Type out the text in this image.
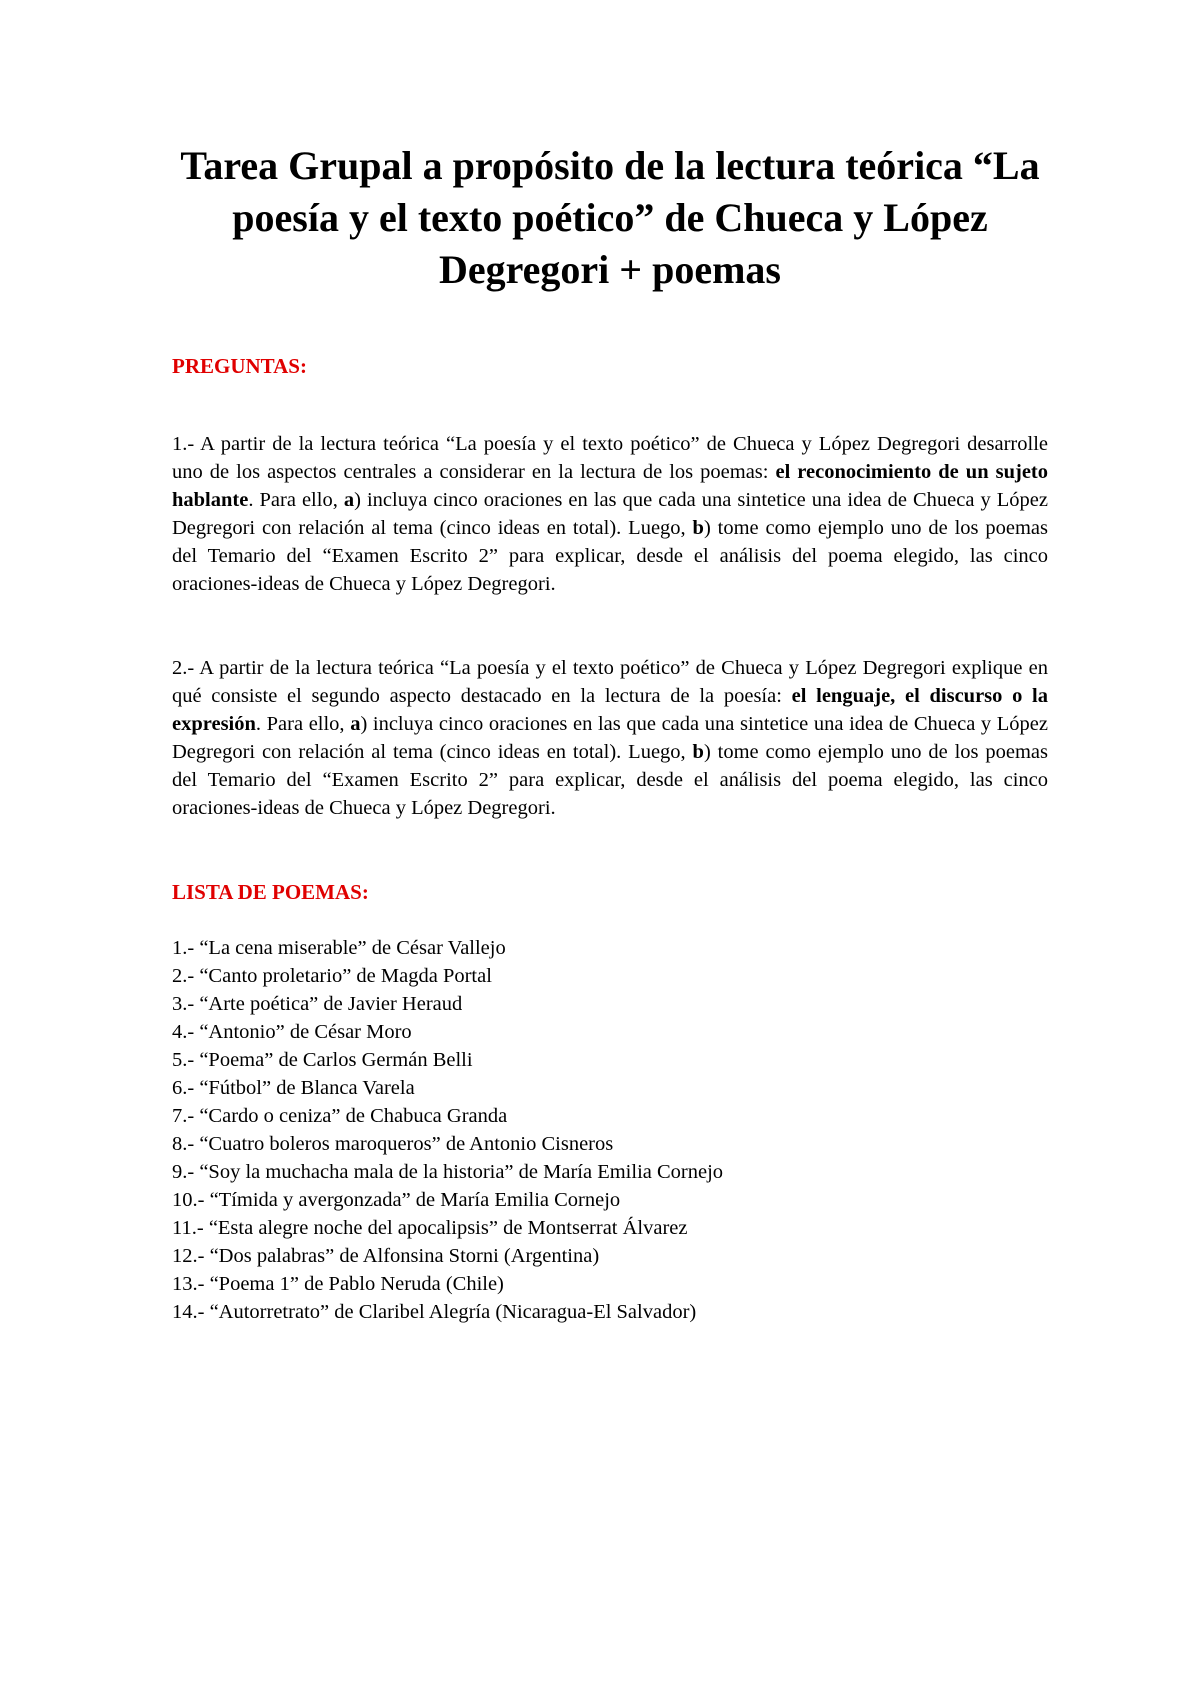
Tarea Grupal a propósito de la lectura teórica “La poesía y el texto poético” de Chueca y López Degregori + poemas
PREGUNTAS:

1.- A partir de la lectura teórica “La poesía y el texto poético” de Chueca y López Degregori desarrolle uno de los aspectos centrales a considerar en la lectura de los poemas: el reconocimiento de un sujeto hablante. Para ello, a) incluya cinco oraciones en las que cada una sintetice una idea de Chueca y López Degregori con relación al tema (cinco ideas en total). Luego, b) tome como ejemplo uno de los poemas del Temario del “Examen Escrito 2” para explicar, desde el análisis del poema elegido, las cinco oraciones-ideas de Chueca y López Degregori.

2.- A partir de la lectura teórica “La poesía y el texto poético” de Chueca y López Degregori explique en qué consiste el segundo aspecto destacado en la lectura de la poesía: el lenguaje, el discurso o la expresión. Para ello, a) incluya cinco oraciones en las que cada una sintetice una idea de Chueca y López Degregori con relación al tema (cinco ideas en total). Luego, b) tome como ejemplo uno de los poemas del Temario del “Examen Escrito 2” para explicar, desde el análisis del poema elegido, las cinco oraciones-ideas de Chueca y López Degregori.

LISTA DE POEMAS:
1.- “La cena miserable” de César Vallejo
2.- “Canto proletario” de Magda Portal
3.- “Arte poética” de Javier Heraud
4.- “Antonio” de César Moro
5.- “Poema” de Carlos Germán Belli
6.- “Fútbol” de Blanca Varela
7.- “Cardo o ceniza” de Chabuca Granda
8.- “Cuatro boleros maroqueros” de Antonio Cisneros
9.- “Soy la muchacha mala de la historia” de María Emilia Cornejo
10.- “Tímida y avergonzada” de María Emilia Cornejo
11.- “Esta alegre noche del apocalipsis” de Montserrat Álvarez
12.- “Dos palabras” de Alfonsina Storni (Argentina)
13.- “Poema 1” de Pablo Neruda (Chile)
14.- “Autorretrato” de Claribel Alegría (Nicaragua-El Salvador)
